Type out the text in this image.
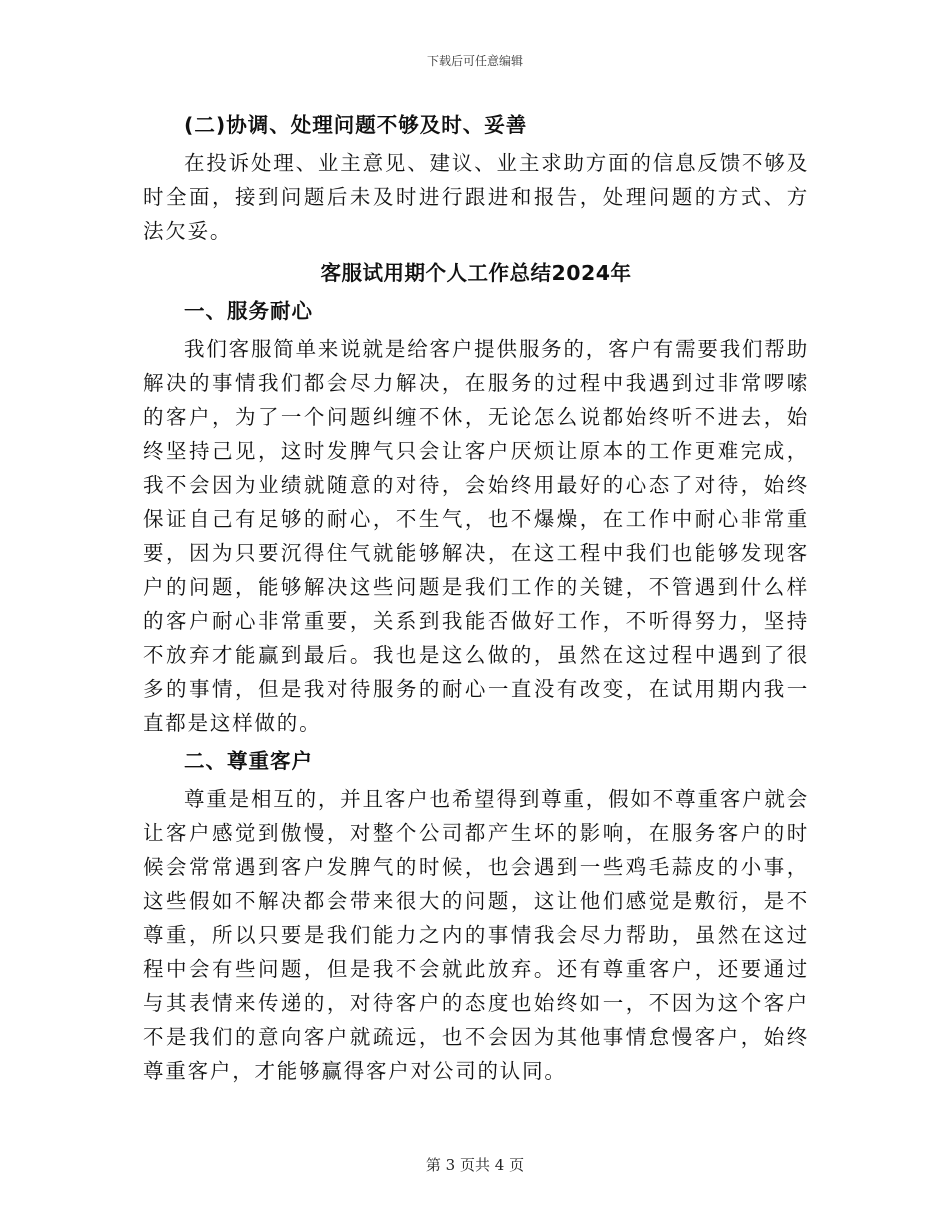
下载后可任意编辑

(二)协调、处理问题不够及时、妥善

在投诉处理、业主意见、建议、业主求助方面的信息反馈不够及时全面，接到问题后未及时进行跟进和报告，处理问题的方式、方法欠妥。

客服试用期个人工作总结2024年

一、服务耐心

我们客服简单来说就是给客户提供服务的，客户有需要我们帮助解决的事情我们都会尽力解决，在服务的过程中我遇到过非常啰嗦的客户，为了一个问题纠缠不休，无论怎么说都始终听不进去，始终坚持己见，这时发脾气只会让客户厌烦让原本的工作更难完成，我不会因为业绩就随意的对待，会始终用最好的心态了对待，始终保证自己有足够的耐心，不生气，也不爆燥，在工作中耐心非常重要，因为只要沉得住气就能够解决，在这工程中我们也能够发现客户的问题，能够解决这些问题是我们工作的关键，不管遇到什么样的客户耐心非常重要，关系到我能否做好工作，不听得努力，坚持不放弃才能赢到最后。我也是这么做的，虽然在这过程中遇到了很多的事情，但是我对待服务的耐心一直没有改变，在试用期内我一直都是这样做的。

二、尊重客户

尊重是相互的，并且客户也希望得到尊重，假如不尊重客户就会让客户感觉到傲慢，对整个公司都产生坏的影响，在服务客户的时候会常常遇到客户发脾气的时候，也会遇到一些鸡毛蒜皮的小事，这些假如不解决都会带来很大的问题，这让他们感觉是敷衍，是不尊重，所以只要是我们能力之内的事情我会尽力帮助，虽然在这过程中会有些问题，但是我不会就此放弃。还有尊重客户，还要通过与其表情来传递的，对待客户的态度也始终如一，不因为这个客户不是我们的意向客户就疏远，也不会因为其他事情怠慢客户，始终尊重客户，才能够赢得客户对公司的认同。

第 3 页共 4 页
